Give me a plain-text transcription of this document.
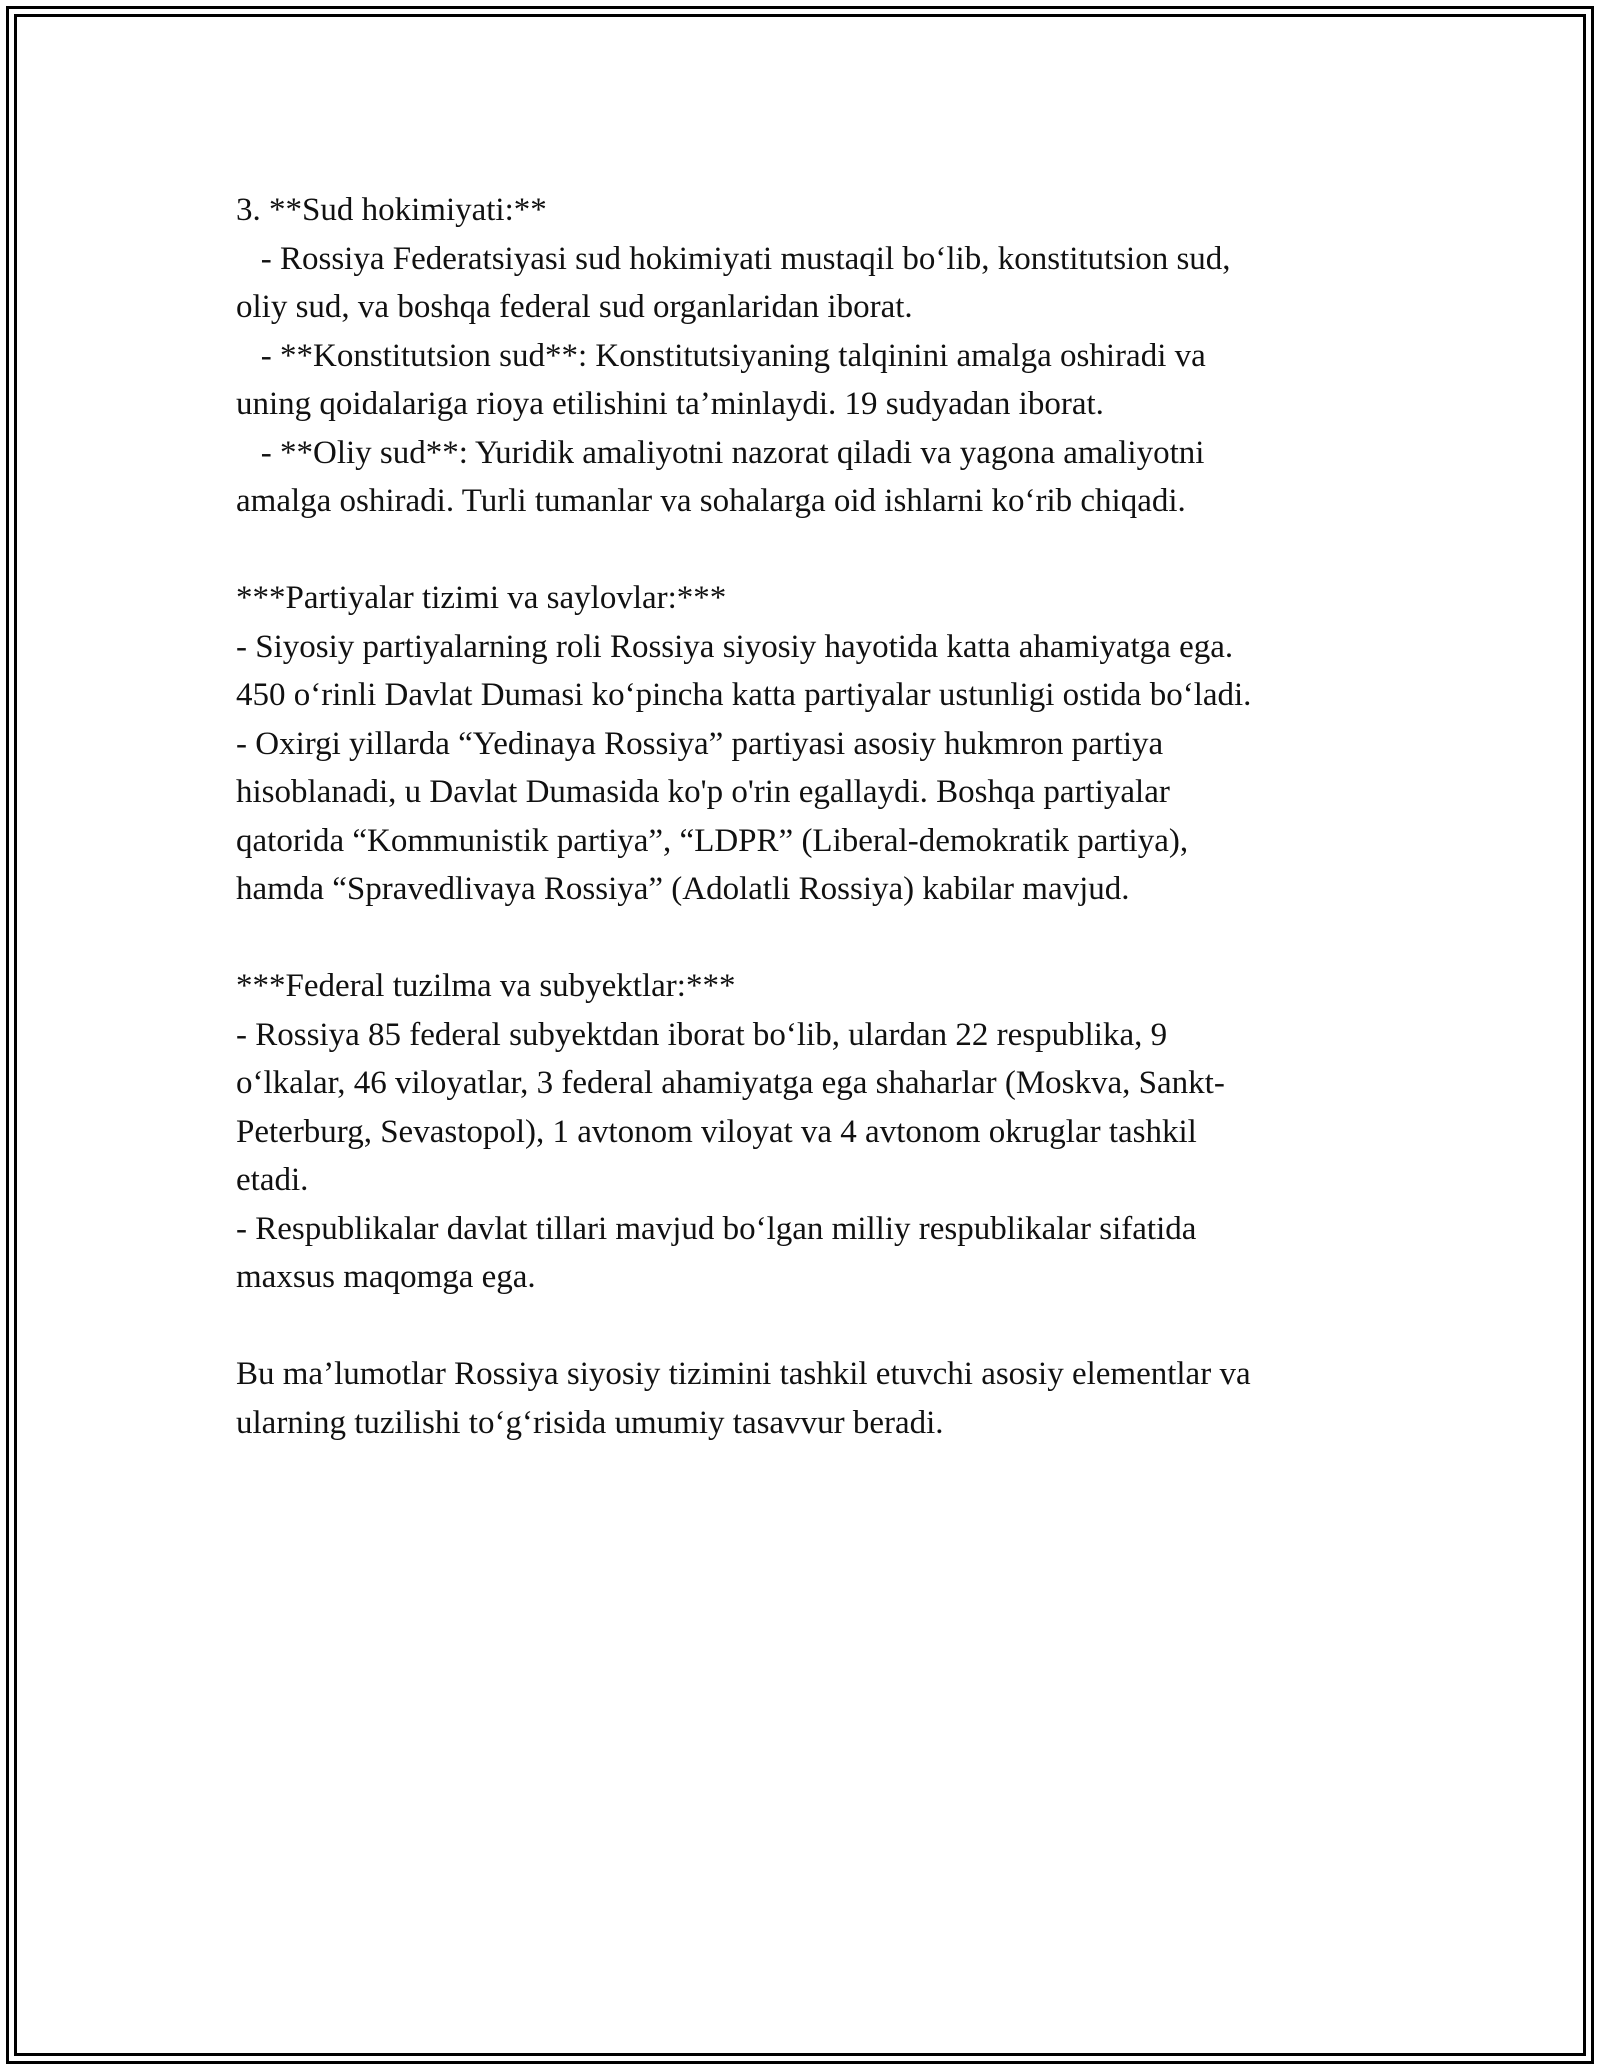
3. **Sud hokimiyati:**
- Rossiya Federatsiyasi sud hokimiyati mustaqil bo‘lib, konstitutsion sud,
oliy sud, va boshqa federal sud organlaridan iborat.
- **Konstitutsion sud**: Konstitutsiyaning talqinini amalga oshiradi va
uning qoidalariga rioya etilishini ta’minlaydi. 19 sudyadan iborat.
- **Oliy sud**: Yuridik amaliyotni nazorat qiladi va yagona amaliyotni
amalga oshiradi. Turli tumanlar va sohalarga oid ishlarni ko‘rib chiqadi.
***Partiyalar tizimi va saylovlar:***
- Siyosiy partiyalarning roli Rossiya siyosiy hayotida katta ahamiyatga ega.
450 o‘rinli Davlat Dumasi ko‘pincha katta partiyalar ustunligi ostida bo‘ladi.
- Oxirgi yillarda “Yedinaya Rossiya” partiyasi asosiy hukmron partiya
hisoblanadi, u Davlat Dumasida ko'p o'rin egallaydi. Boshqa partiyalar
qatorida “Kommunistik partiya”, “LDPR” (Liberal-demokratik partiya),
hamda “Spravedlivaya Rossiya” (Adolatli Rossiya) kabilar mavjud.
***Federal tuzilma va subyektlar:***
- Rossiya 85 federal subyektdan iborat bo‘lib, ulardan 22 respublika, 9
o‘lkalar, 46 viloyatlar, 3 federal ahamiyatga ega shaharlar (Moskva, Sankt-
Peterburg, Sevastopol), 1 avtonom viloyat va 4 avtonom okruglar tashkil
etadi.
- Respublikalar davlat tillari mavjud bo‘lgan milliy respublikalar sifatida
maxsus maqomga ega.
Bu ma’lumotlar Rossiya siyosiy tizimini tashkil etuvchi asosiy elementlar va
ularning tuzilishi to‘g‘risida umumiy tasavvur beradi.
